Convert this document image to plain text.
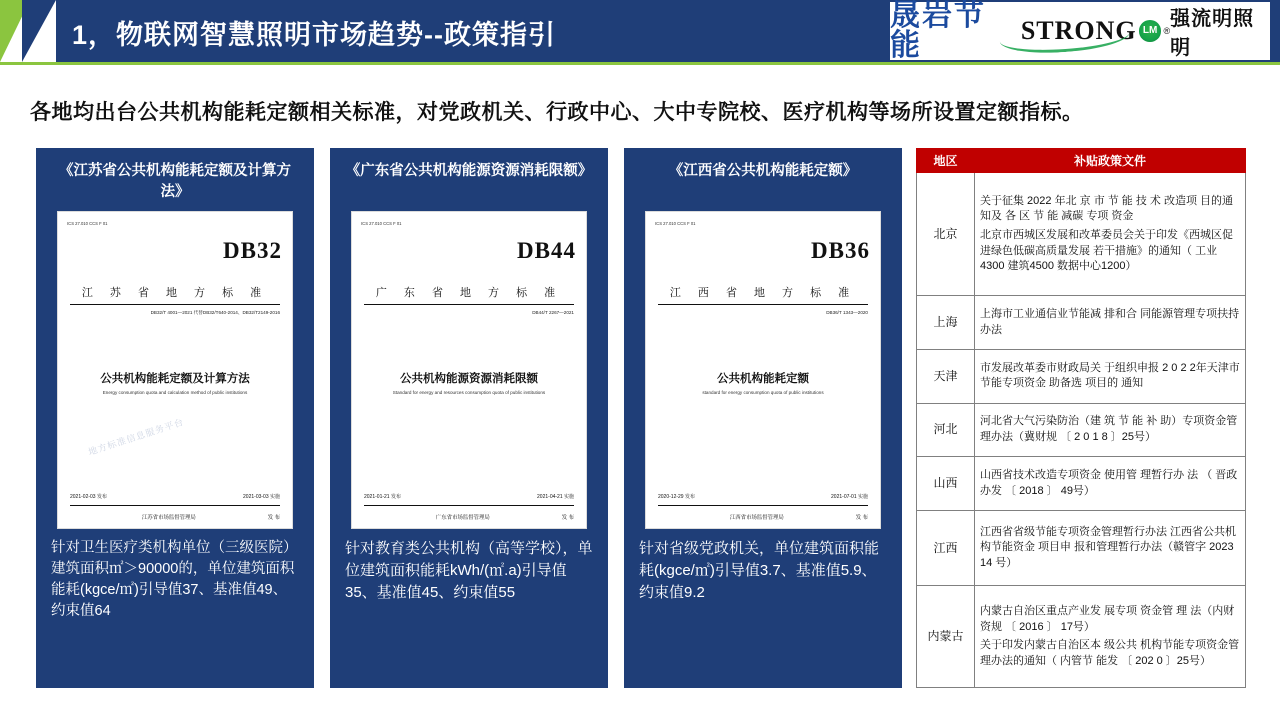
1，物联网智慧照明市场趋势--政策指引
晟岩节能	STRONG LM ®
强流明照明
各地均出台公共机构能耗定额相关标准，对党政机关、行政中心、大中专院校、医疗机构等场所设置定额指标。
《江苏省公共机构能耗定额及计算方法》
ICS 27.010 CCS F 01
DB32
江 苏 省 地 方 标 准
DB32/T 4001—2021 代替DB32/T640-2014、DB32/T2149-2016
公共机构能耗定额及计算方法
Energy consumption quota and calculation method of public institutions
地方标准信息服务平台
2021-02-03 发布	2021-03-03 实施
江苏省市场监督管理局	发 布
针对卫生医疗类机构单位（三级医院）建筑面积㎡＞90000的，单位建筑面积能耗(kgce/㎡)引导值37、基准值49、约束值64
《广东省公共机构能源资源消耗限额》
ICS 27.010 CCS F 01
DB44
广 东 省 地 方 标 准
DB44/T 2267—2021
公共机构能源资源消耗限额
Standard for energy and resources consumption quota of public institutions
2021-01-21 发布	2021-04-21 实施
广东省市场监督管理局	发 布
针对教育类公共机构（高等学校），单位建筑面积能耗kWh/(㎡.a)引导值35、基准值45、约束值55
《江西省公共机构能耗定额》
ICS 27.010 CCS F 01
DB36
江 西 省 地 方 标 准
DB36/T 1343—2020
公共机构能耗定额
standard for energy consumption quota of public institutions
2020-12-29 发布	2021-07-01 实施
江西省市场监督管理局	发 布
针对省级党政机关，单位建筑面积能耗(kgce/㎡)引导值3.7、基准值5.9、约束值9.2
地区	补贴政策文件
北京	关于征集 2022 年北 京 市 节 能 技 术 改造项 目的通知及 各 区 节 能 减碳 专项 资金
北京市西城区发展和改革委员会关于印发《西城区促进绿色低碳高质量发展 若干措施》的通知（ 工业4300 建筑4500 数据中心1200）

上海	上海市工业通信业节能减 排和合 同能源管理专项扶持办法

天津	市发展改革委市财政局关 于组织申报 2 0 2 2年天津市节能专项资金 助备选 项目的 通知

河北	河北省大气污染防治（建 筑 节 能 补 助）专项资金管理办法（冀财规 〔 2 0 1 8 〕25号）

山西	山西省技术改造专项资金 使用管 理暂行办 法 （ 晋政办发 〔 2018 〕 49号）

江西	江西省省级节能专项资金管理暂行办法 江西省公共机构节能资金 项目申 报和管理暂行办法（赣管字 2023 14 号）

内蒙古	内蒙古自治区重点产业发 展专项 资金管 理 法（内财资规 〔 2016 〕 17号）
关于印发内蒙古自治区本 级公共 机构节能专项资金管理办法的通知（ 内管节 能发 〔 202 0 〕25号）
